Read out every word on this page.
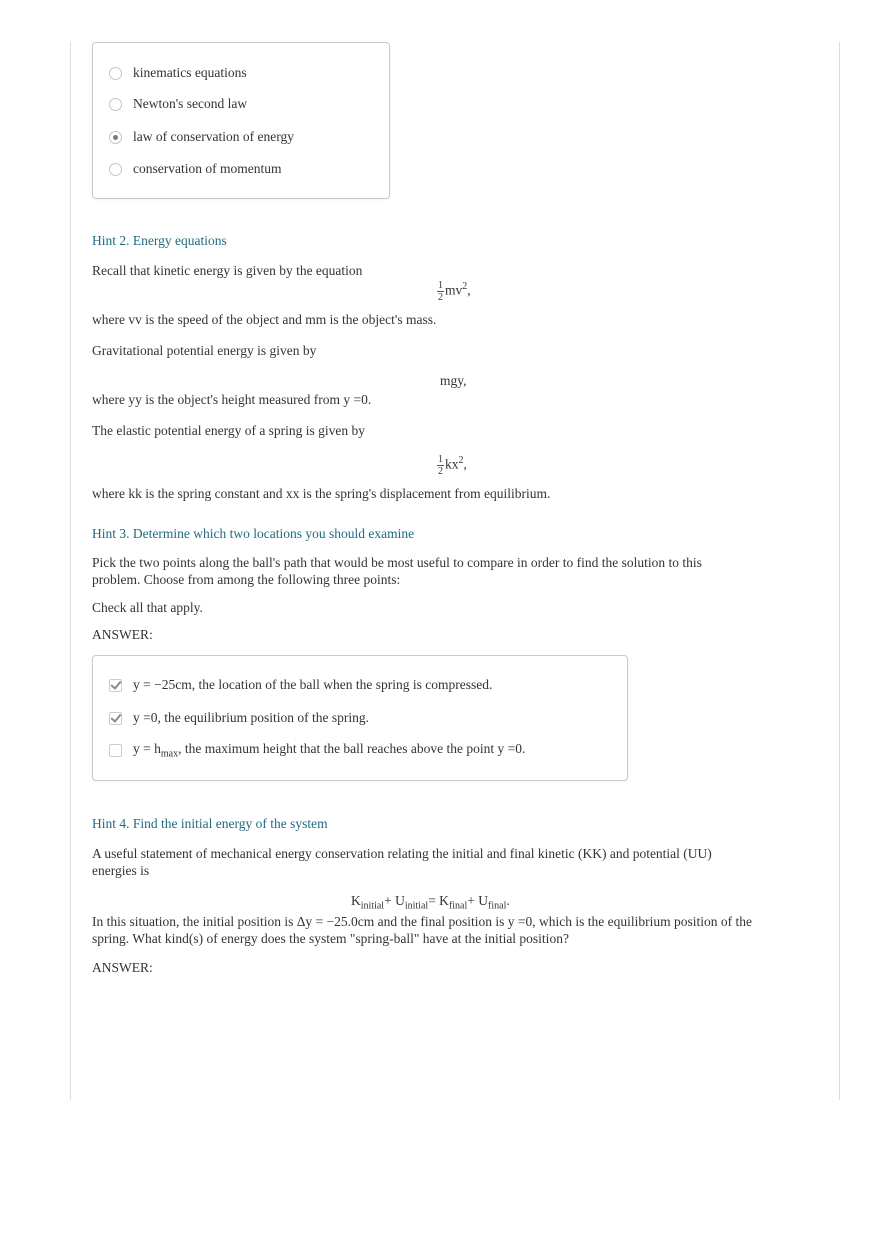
kinematics equations
Newton's second law
law of conservation of energy
conservation of momentum
Hint 2. Energy equations
Recall that kinetic energy is given by the equation
$\frac{1}{2} mv^2$,
where vv is the speed of the object and mm is the object's mass.
Gravitational potential energy is given by
mgy,
where yy is the object's height measured from y =0.
The elastic potential energy of a spring is given by
$\frac{1}{2} kx^2$,
where kk is the spring constant and xx is the spring's displacement from equilibrium.
Hint 3. Determine which two locations you should examine
Pick the two points along the ball's path that would be most useful to compare in order to find the solution to this problem. Choose from among the following three points:
Check all that apply.
ANSWER:
y = −25cm, the location of the ball when the spring is compressed.
y =0, the equilibrium position of the spring.
$y = h_{max}$, the maximum height that the ball reaches above the point y =0.
Hint 4. Find the initial energy of the system
A useful statement of mechanical energy conservation relating the initial and final kinetic (KK) and potential (UU) energies is
$K_{initial}+ U_{initial}= K_{final}+ U_{final}$.
In this situation, the initial position is Δy = −25.0cm and the final position is y =0, which is the equilibrium position of the spring. What kind(s) of energy does the system "spring-ball" have at the initial position?
ANSWER:
